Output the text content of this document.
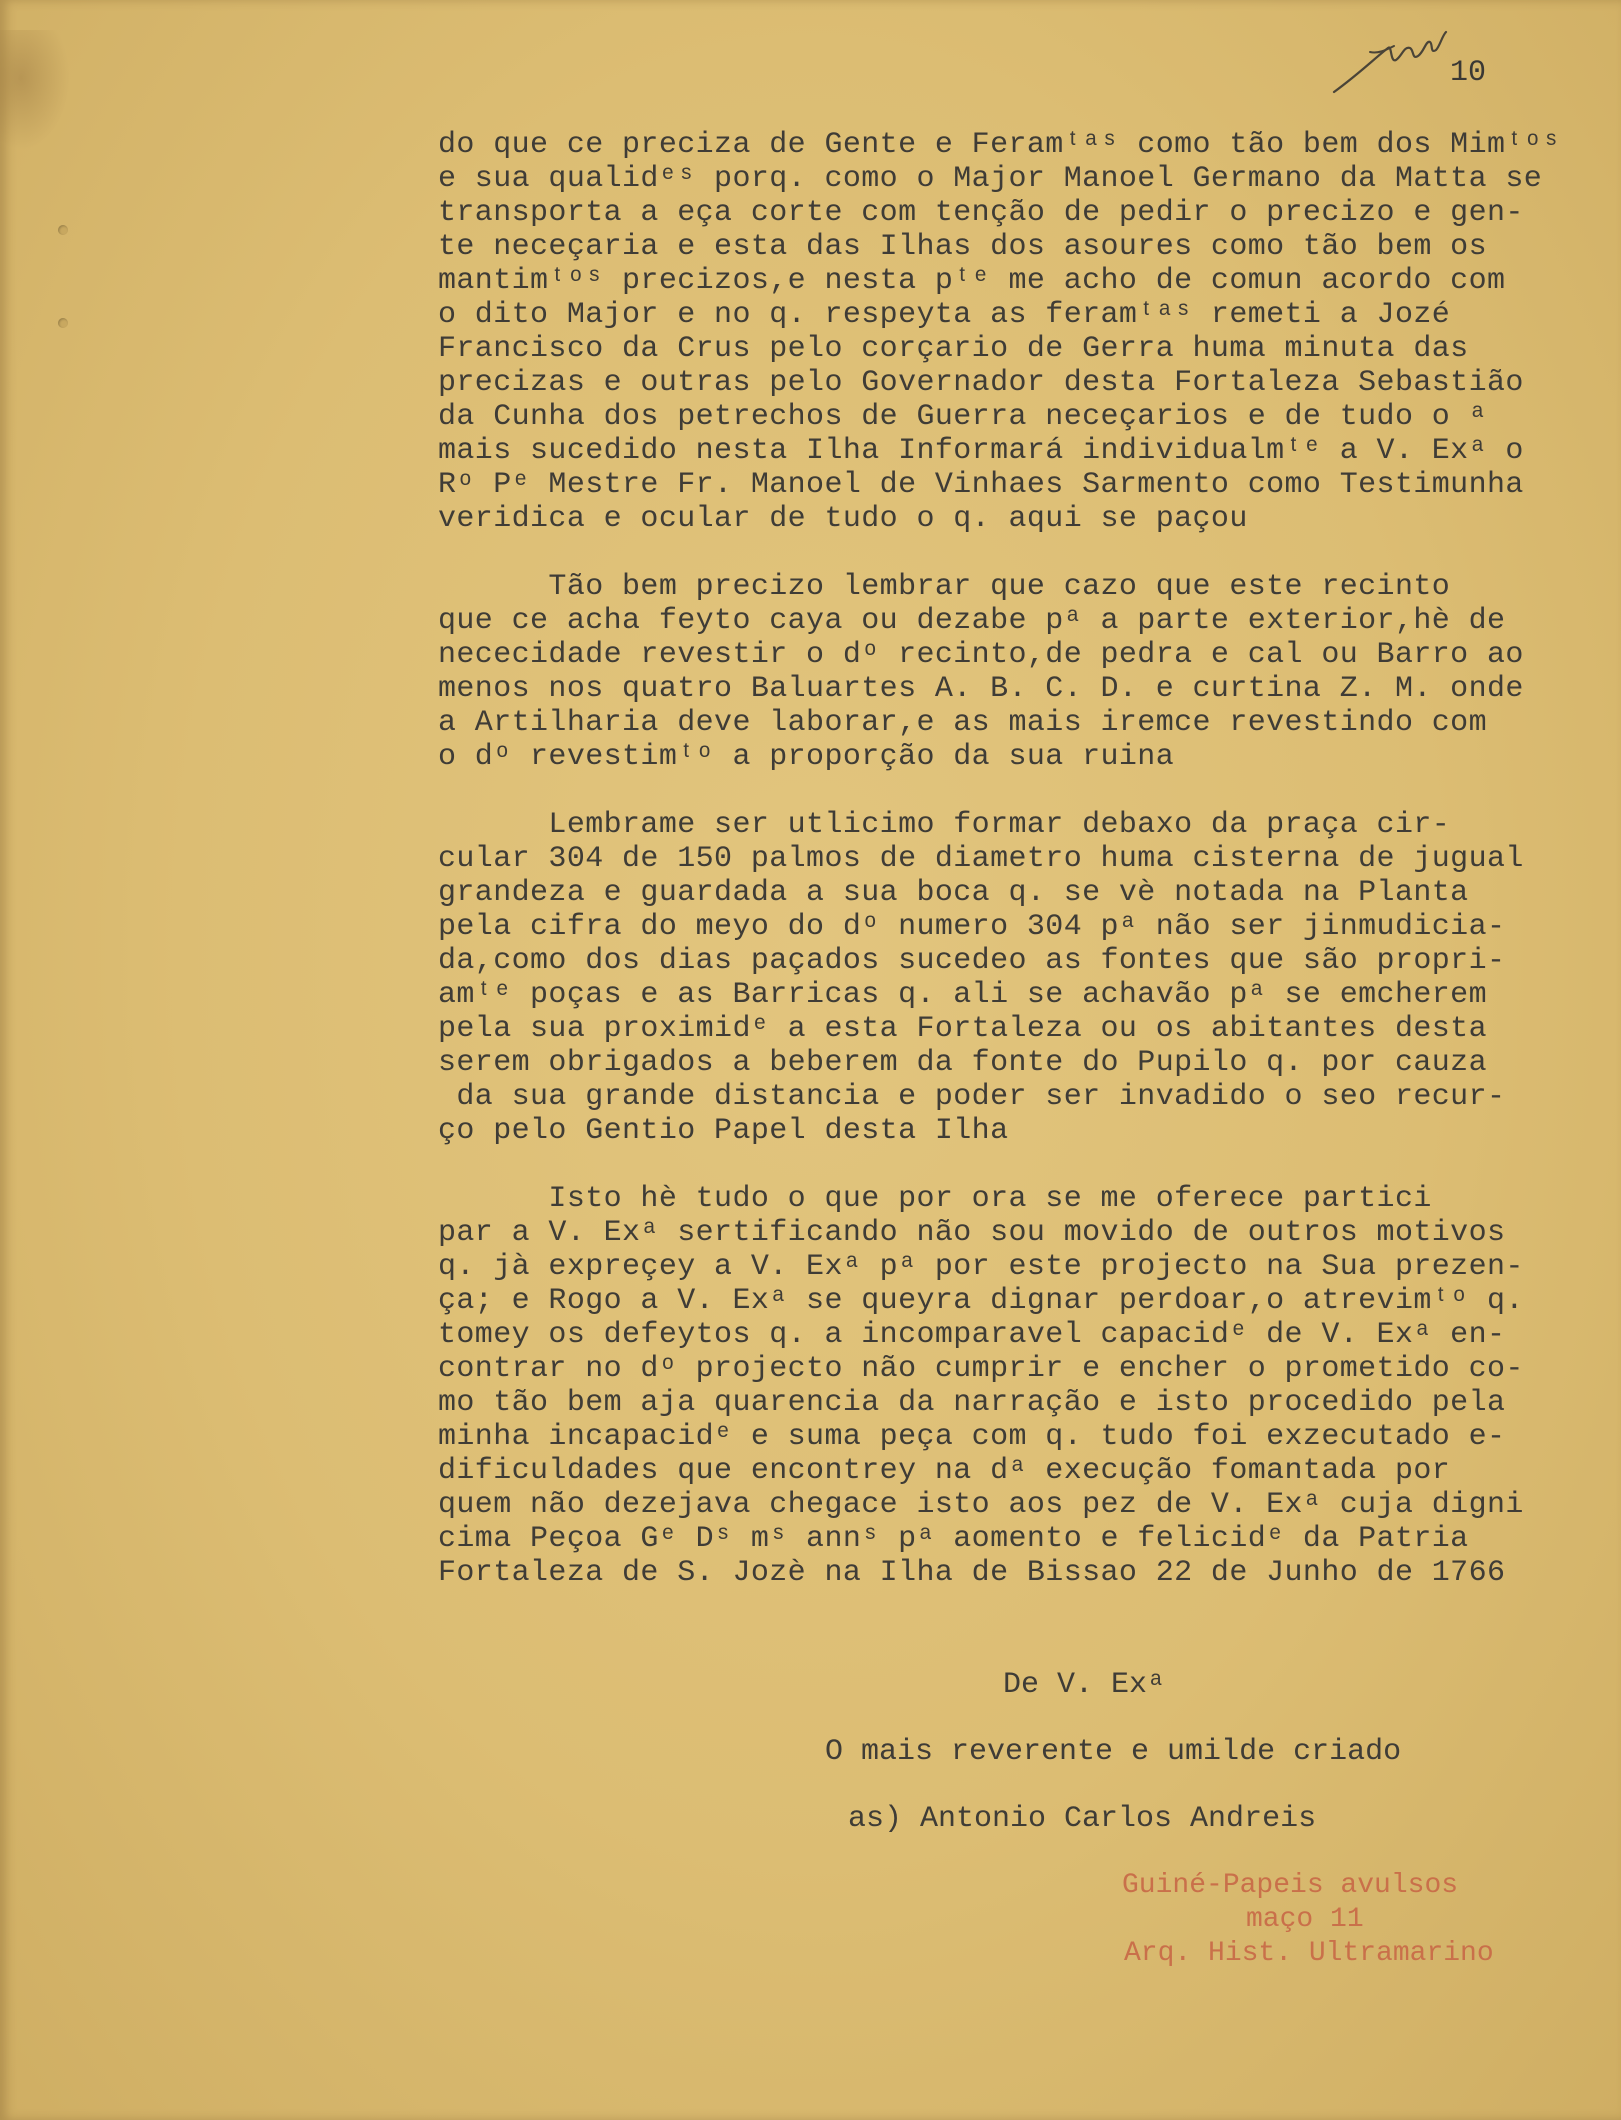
10
do que ce preciza de Gente e Feramᵗᵃˢ como tão bem dos Mimᵗᵒˢ
e sua qualidᵉˢ porq. como o Major Manoel Germano da Matta se
transporta a eça corte com tenção de pedir o precizo e gen-
te neceçaria e esta das Ilhas dos asoures como tão bem os
mantimᵗᵒˢ precizos,e nesta pᵗᵉ me acho de comun acordo com
o dito Major e no q. respeyta as feramᵗᵃˢ remeti a Jozé
Francisco da Crus pelo corçario de Gerra huma minuta das
precizas e outras pelo Governador desta Fortaleza Sebastião
da Cunha dos petrechos de Guerra neceçarios e de tudo o ᵃ
mais sucedido nesta Ilha Informará individualmᵗᵉ a V. Exᵃ o
Rᵒ Pᵉ Mestre Fr. Manoel de Vinhaes Sarmento como Testimunha
veridica e ocular de tudo o q. aqui se paçou
Tão bem precizo lembrar que cazo que este recinto
que ce acha feyto caya ou dezabe pᵃ a parte exterior,hè de
nececidade revestir o dᵒ recinto,de pedra e cal ou Barro ao
menos nos quatro Baluartes A. B. C. D. e curtina Z. M. onde
a Artilharia deve laborar,e as mais iremce revestindo com
o dᵒ revestimᵗᵒ a proporção da sua ruina
Lembrame ser utlicimo formar debaxo da praça cir-
cular 304 de 150 palmos de diametro huma cisterna de jugual
grandeza e guardada a sua boca q. se vè notada na Planta
pela cifra do meyo do dᵒ numero 304 pᵃ não ser jinmudicia-
da,como dos dias paçados sucedeo as fontes que são propri-
amᵗᵉ poças e as Barricas q. ali se achavão pᵃ se emcherem
pela sua proximidᵉ a esta Fortaleza ou os abitantes desta
serem obrigados a beberem da fonte do Pupilo q. por cauza
da sua grande distancia e poder ser invadido o seo recur-
ço pelo Gentio Papel desta Ilha
Isto hè tudo o que por ora se me oferece partici
par a V. Exᵃ sertificando não sou movido de outros motivos
q. jà expreçey a V. Exᵃ pᵃ por este projecto na Sua prezen-
ça; e Rogo a V. Exᵃ se queyra dignar perdoar,o atrevimᵗᵒ q.
tomey os defeytos q. a incomparavel capacidᵉ de V. Exᵃ en-
contrar no dᵒ projecto não cumprir e encher o prometido co-
mo tão bem aja quarencia da narração e isto procedido pela
minha incapacidᵉ e suma peça com q. tudo foi exzecutado e-
dificuldades que encontrey na dᵃ execução fomantada por
quem não dezejava chegace isto aos pez de V. Exᵃ cuja digni
cima Peçoa Gᵉ Dˢ mˢ annˢ pᵃ aomento e felicidᵉ da Patria
Fortaleza de S. Jozè na Ilha de Bissao 22 de Junho de 1766
De V. Exᵃ
O mais reverente e umilde criado
as) Antonio Carlos Andreis
Guiné-Papeis avulsos
maço 11
Arq. Hist. Ultramarino
